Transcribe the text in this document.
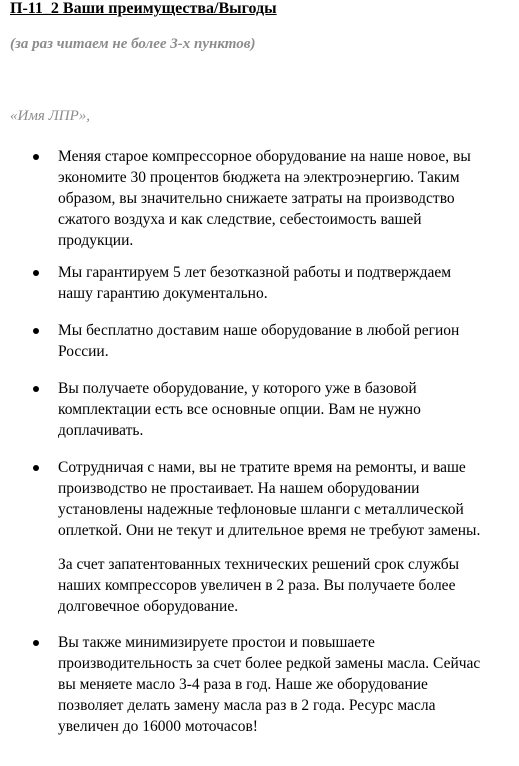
П-11_2 Ваши преимущества/Выгоды
(за раз читаем не более 3-х пунктов)
«Имя ЛПР»,
Меняя старое компрессорное оборудование на наше новое, вы
экономите 30 процентов бюджета на электроэнергию. Таким
образом, вы значительно снижаете затраты на производство
сжатого воздуха и как следствие, себестоимость вашей
продукции.
Мы гарантируем 5 лет безотказной работы и подтверждаем
нашу гарантию документально.
Мы бесплатно доставим наше оборудование в любой регион
России.
Вы получаете оборудование, у которого уже в базовой
комплектации есть все основные опции. Вам не нужно
доплачивать.
Сотрудничая с нами, вы не тратите время на ремонты, и ваше
производство не простаивает. На нашем оборудовании
установлены надежные тефлоновые шланги с металлической
оплеткой. Они не текут и длительное время не требуют замены.
За счет запатентованных технических решений срок службы
наших компрессоров увеличен в 2 раза. Вы получаете более
долговечное оборудование.
Вы также минимизируете простои и повышаете
производительность за счет более редкой замены масла. Сейчас
вы меняете масло 3-4 раза в год. Наше же оборудование
позволяет делать замену масла раз в 2 года. Ресурс масла
увеличен до 16000 моточасов!
